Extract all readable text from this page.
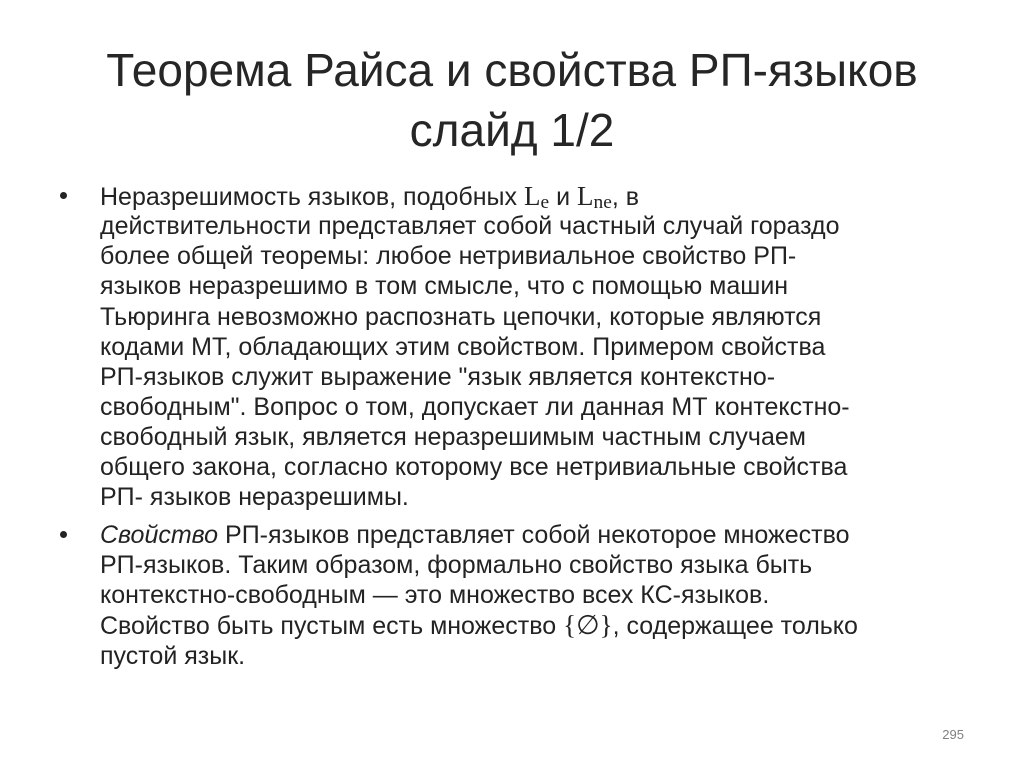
Теорема Райса и свойства РП-языков
слайд 1/2
Неразрешимость языков, подобных Le и Lne, в
действительности представляет собой частный случай гораздо
более общей теоремы: любое нетривиальное свойство РП-
языков неразрешимо в том смысле, что с помощью машин
Тьюринга невозможно распознать цепочки, которые являются
кодами МТ, обладающих этим свойством. Примером свойства
РП-языков служит выражение "язык является контекстно-
свободным". Вопрос о том, допускает ли данная МТ контекстно-
свободный язык, является неразрешимым частным случаем
общего закона, согласно которому все нетривиальные свойства
РП- языков неразрешимы.
Свойство РП-языков представляет собой некоторое множество
РП-языков. Таким образом, формально свойство языка быть
контекстно-свободным — это множество всех КС-языков.
Свойство быть пустым есть множество {∅}, содержащее только
пустой язык.
295
